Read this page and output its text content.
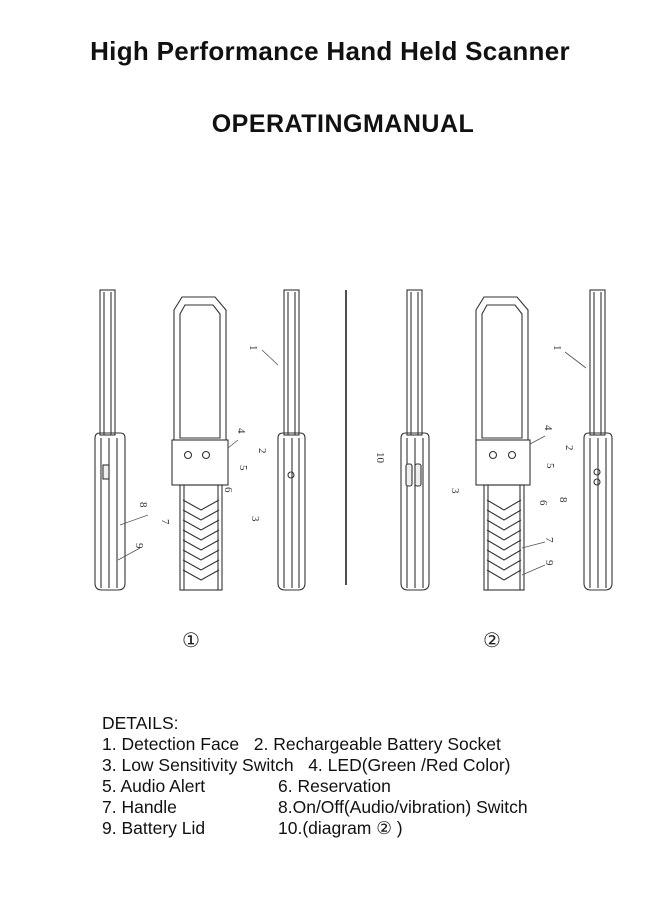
High Performance Hand Held Scanner
OPERATINGMANUAL
1
2
3
4
5
6
7
8
9
1
2
3
4
5
6
7
8
9
10
①	②
DETAILS:
1. Detection Face 2. Rechargeable Battery Socket
3. Low Sensitivity Switch 4. LED(Green /Red Color)
5. Audio Alert	6. Reservation
7. Handle	8.On/Off(Audio/vibration) Switch
9. Battery Lid	10.(diagram ② )
